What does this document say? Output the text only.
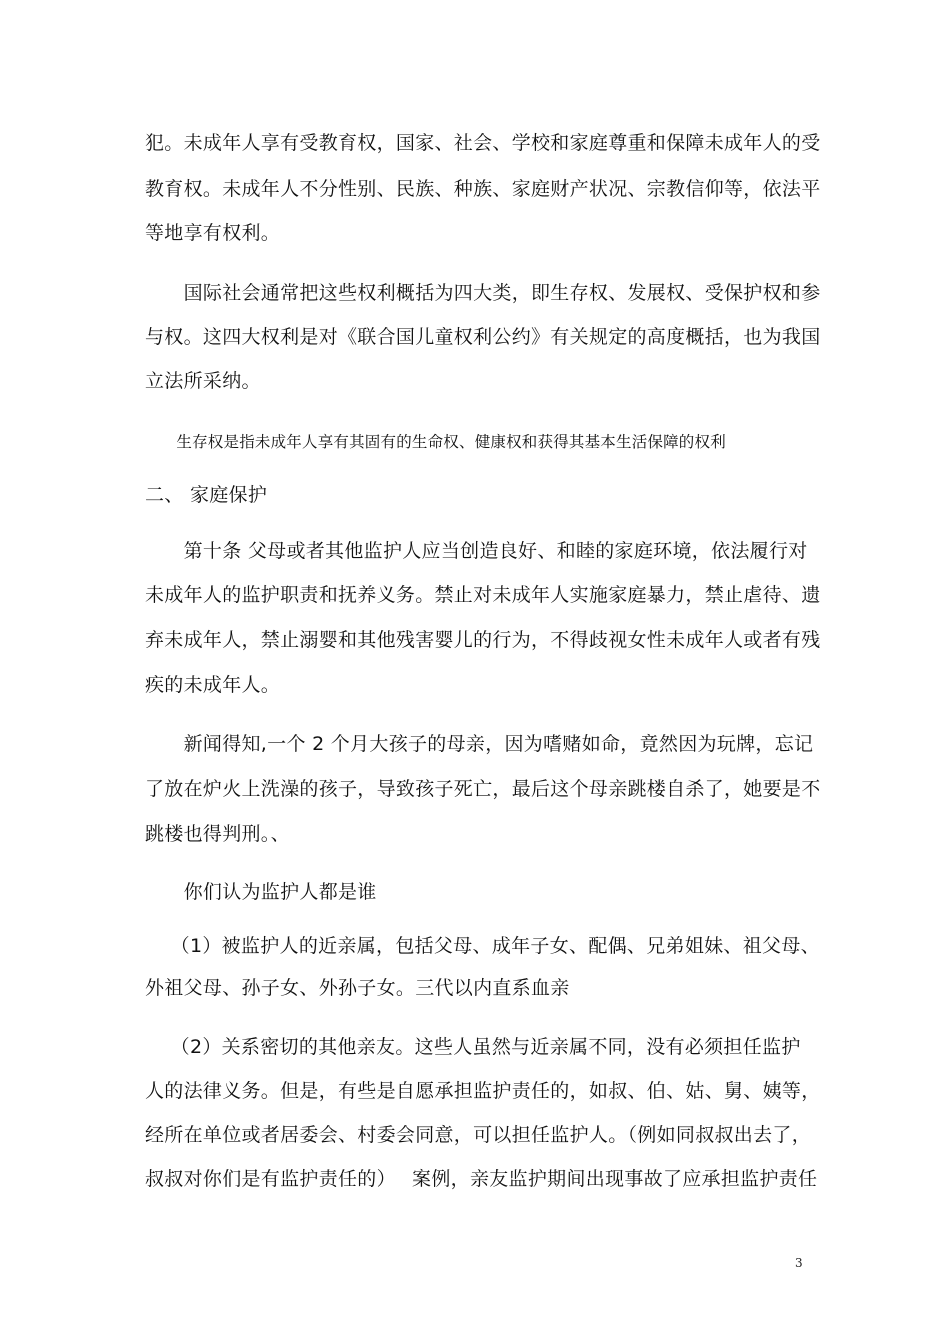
犯。未成年人享有受教育权，国家、社会、学校和家庭尊重和保障未成年人的受
教育权。未成年人不分性别、民族、种族、家庭财产状况、宗教信仰等，依法平
等地享有权利。
　　国际社会通常把这些权利概括为四大类，即生存权、发展权、受保护权和参
与权。这四大权利是对《联合国儿童权利公约》有关规定的高度概括，也为我国
立法所采纳。
　　生存权是指未成年人享有其固有的生命权、健康权和获得其基本生活保障的权利
二、 家庭保护
　　第十条 父母或者其他监护人应当创造良好、和睦的家庭环境，依法履行对
未成年人的监护职责和抚养义务。禁止对未成年人实施家庭暴力，禁止虐待、遗
弃未成年人，禁止溺婴和其他残害婴儿的行为，不得歧视女性未成年人或者有残
疾的未成年人。
　　新闻得知,一个 2 个月大孩子的母亲，因为嗜赌如命，竟然因为玩牌，忘记
了放在炉火上洗澡的孩子，导致孩子死亡，最后这个母亲跳楼自杀了，她要是不
跳楼也得判刑。、
　　你们认为监护人都是谁
　 （1）被监护人的近亲属，包括父母、成年子女、配偶、兄弟姐妹、祖父母、
外祖父母、孙子女、外孙子女。三代以内直系血亲
　 （2）关系密切的其他亲友。这些人虽然与近亲属不同，没有必须担任监护
人的法律义务。但是，有些是自愿承担监护责任的，如叔、伯、姑、舅、姨等，
经所在单位或者居委会、村委会同意，可以担任监护人。（例如同叔叔出去了，
叔叔对你们是有监护责任的）　 案例，亲友监护期间出现事故了应承担监护责任
3
